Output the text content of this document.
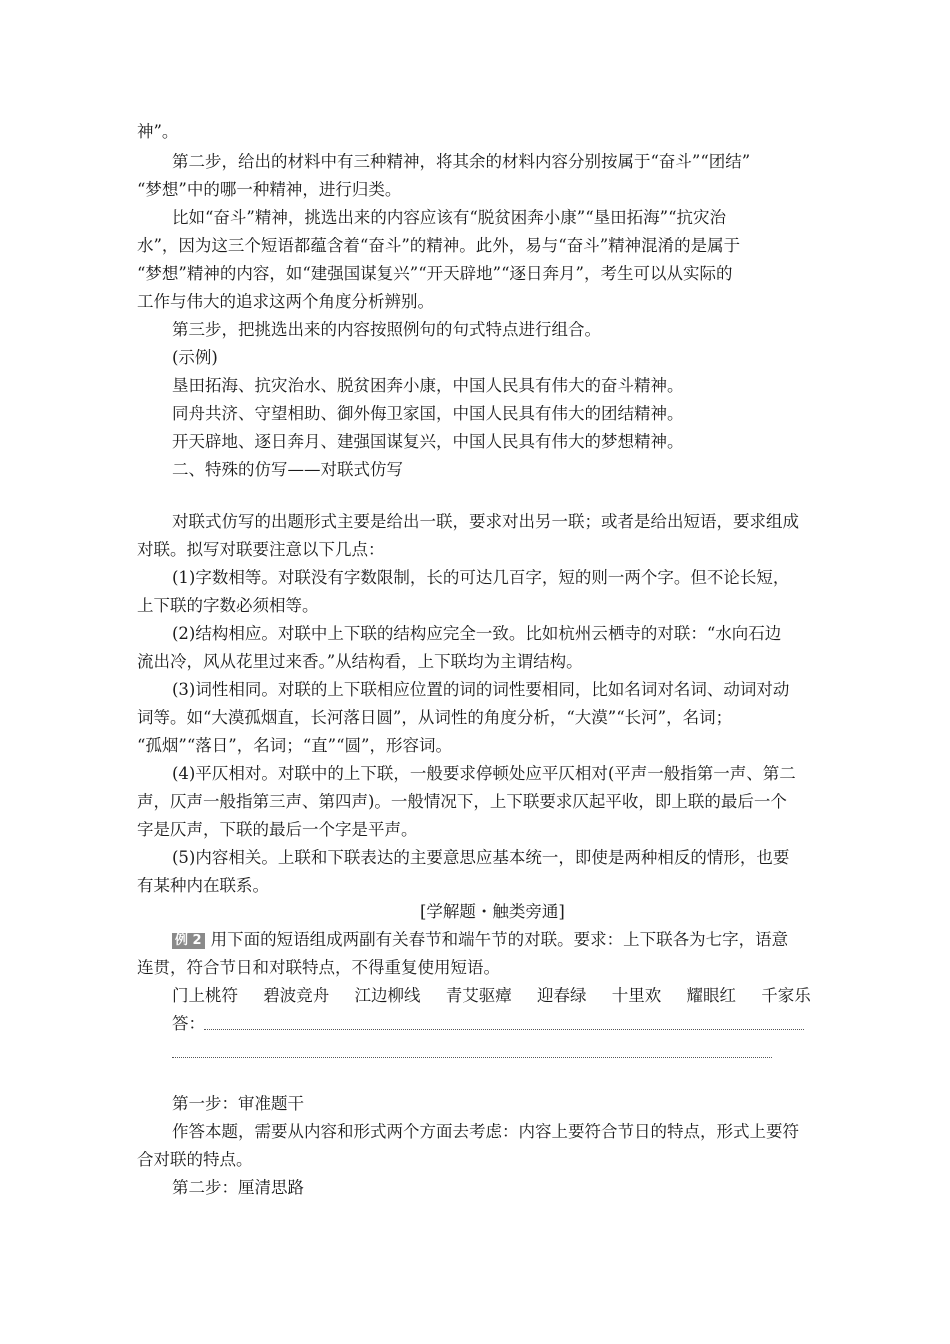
神”。
第二步，给出的材料中有三种精神，将其余的材料内容分别按属于“奋斗”“团结”
“梦想”中的哪一种精神，进行归类。
比如“奋斗”精神，挑选出来的内容应该有“脱贫困奔小康”“垦田拓海”“抗灾治
水”，因为这三个短语都蕴含着“奋斗”的精神。此外，易与“奋斗”精神混淆的是属于
“梦想”精神的内容，如“建强国谋复兴”“开天辟地”“逐日奔月”，考生可以从实际的
工作与伟大的追求这两个角度分析辨别。
第三步，把挑选出来的内容按照例句的句式特点进行组合。
(示例)
垦田拓海、抗灾治水、脱贫困奔小康，中国人民具有伟大的奋斗精神。
同舟共济、守望相助、御外侮卫家国，中国人民具有伟大的团结精神。
开天辟地、逐日奔月、建强国谋复兴，中国人民具有伟大的梦想精神。
二、特殊的仿写——对联式仿写
对联式仿写的出题形式主要是给出一联，要求对出另一联；或者是给出短语，要求组成
对联。拟写对联要注意以下几点：
(1)字数相等。对联没有字数限制，长的可达几百字，短的则一两个字。但不论长短，
上下联的字数必须相等。
(2)结构相应。对联中上下联的结构应完全一致。比如杭州云栖寺的对联：“水向石边
流出冷，风从花里过来香。”从结构看，上下联均为主谓结构。
(3)词性相同。对联的上下联相应位置的词的词性要相同，比如名词对名词、动词对动
词等。如“大漠孤烟直，长河落日圆”，从词性的角度分析，“大漠”“长河”，名词；
“孤烟”“落日”，名词；“直”“圆”，形容词。
(4)平仄相对。对联中的上下联，一般要求停顿处应平仄相对(平声一般指第一声、第二
声，仄声一般指第三声、第四声)。一般情况下，上下联要求仄起平收，即上联的最后一个
字是仄声，下联的最后一个字是平声。
(5)内容相关。上联和下联表达的主要意思应基本统一，即使是两种相反的情形，也要
有某种内在联系。
[学解题・触类旁通]
例 2 用下面的短语组成两副有关春节和端午节的对联。要求：上下联各为七字，语意
连贯，符合节日和对联特点，不得重复使用短语。
门上桃符 碧波竞舟 江边柳线 青艾驱瘴 迎春绿 十里欢 耀眼红 千家乐
答：
第一步：审准题干
作答本题，需要从内容和形式两个方面去考虑：内容上要符合节日的特点，形式上要符
合对联的特点。
第二步：厘清思路
